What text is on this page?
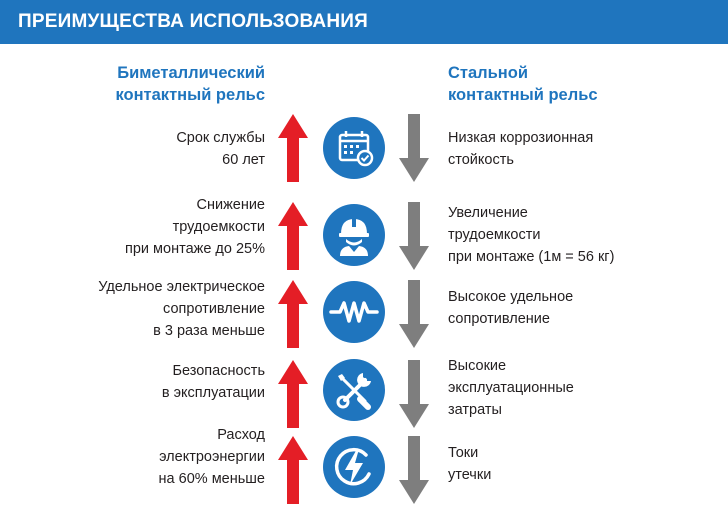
ПРЕИМУЩЕСТВА ИСПОЛЬЗОВАНИЯ
Биметаллический
контактный рельс
Стальной
контактный рельс
Срок службы
60 лет
Низкая коррозионная
стойкость
Снижение
трудоемкости
при монтаже до 25%
Увеличение
трудоемкости
при монтаже (1м = 56 кг)
Удельное электрическое
сопротивление
в 3 раза меньше
Высокое удельное
сопротивление
Безопасность
в эксплуатации
Высокие
эксплуатационные
затраты
Расход
электроэнергии
на 60% меньше
Токи
утечки
